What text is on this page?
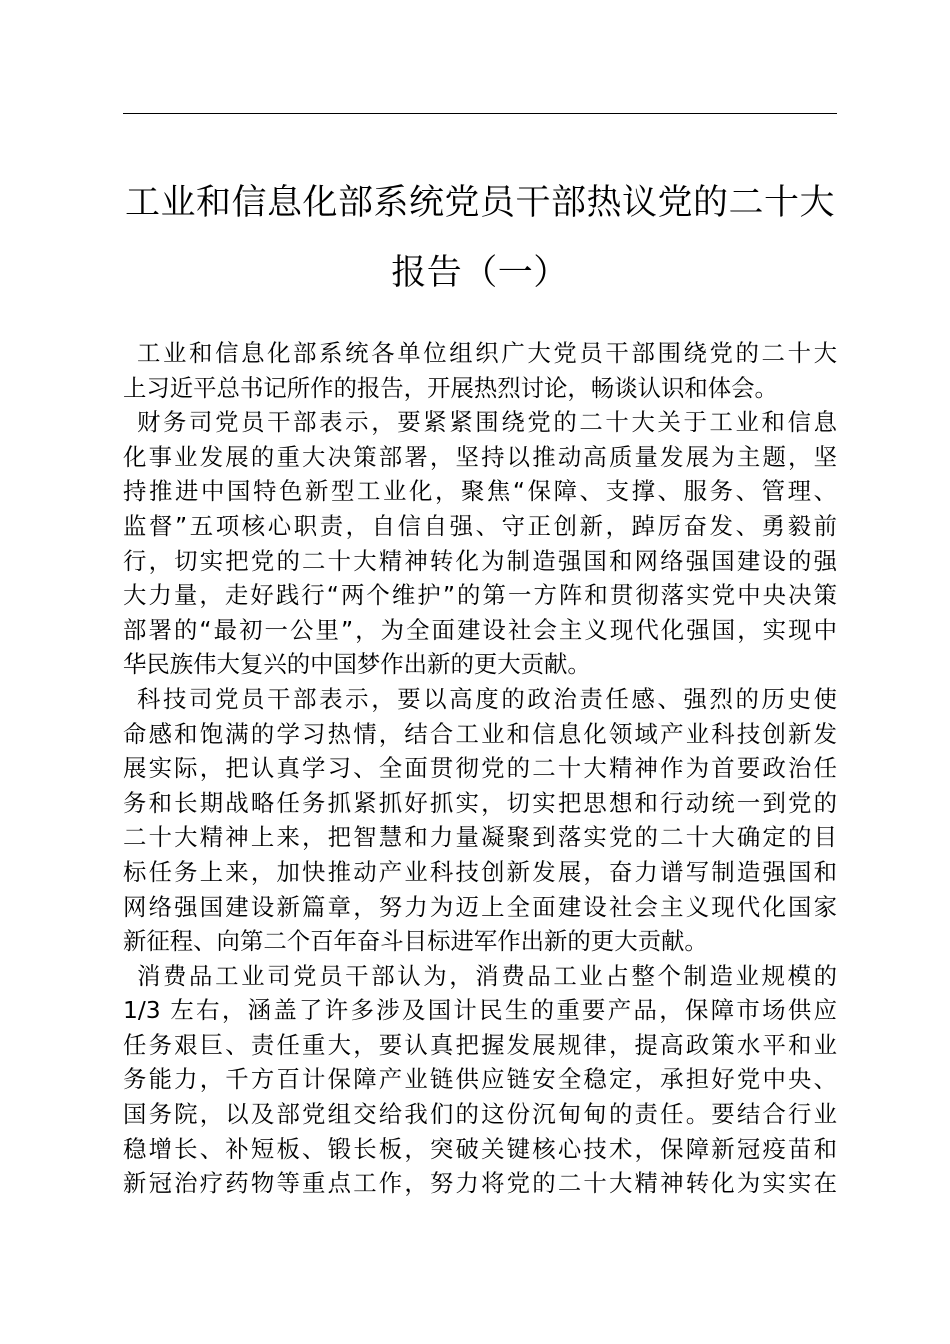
工业和信息化部系统党员干部热议党的二十大
报告（一）

工业和信息化部系统各单位组织广大党员干部围绕党的二十大
上习近平总书记所作的报告，开展热烈讨论，畅谈认识和体会。

财务司党员干部表示，要紧紧围绕党的二十大关于工业和信息
化事业发展的重大决策部署，坚持以推动高质量发展为主题，坚
持推进中国特色新型工业化，聚焦“保障、支撑、服务、管理、
监督”五项核心职责，自信自强、守正创新，踔厉奋发、勇毅前
行，切实把党的二十大精神转化为制造强国和网络强国建设的强
大力量，走好践行“两个维护”的第一方阵和贯彻落实党中央决策
部署的“最初一公里”，为全面建设社会主义现代化强国，实现中
华民族伟大复兴的中国梦作出新的更大贡献。

科技司党员干部表示，要以高度的政治责任感、强烈的历史使
命感和饱满的学习热情，结合工业和信息化领域产业科技创新发
展实际，把认真学习、全面贯彻党的二十大精神作为首要政治任
务和长期战略任务抓紧抓好抓实，切实把思想和行动统一到党的
二十大精神上来，把智慧和力量凝聚到落实党的二十大确定的目
标任务上来，加快推动产业科技创新发展，奋力谱写制造强国和
网络强国建设新篇章，努力为迈上全面建设社会主义现代化国家
新征程、向第二个百年奋斗目标进军作出新的更大贡献。

消费品工业司党员干部认为，消费品工业占整个制造业规模的
1/3 左右，涵盖了许多涉及国计民生的重要产品，保障市场供应
任务艰巨、责任重大，要认真把握发展规律，提高政策水平和业
务能力，千方百计保障产业链供应链安全稳定，承担好党中央、
国务院，以及部党组交给我们的这份沉甸甸的责任。要结合行业
稳增长、补短板、锻长板，突破关键核心技术，保障新冠疫苗和
新冠治疗药物等重点工作，努力将党的二十大精神转化为实实在
